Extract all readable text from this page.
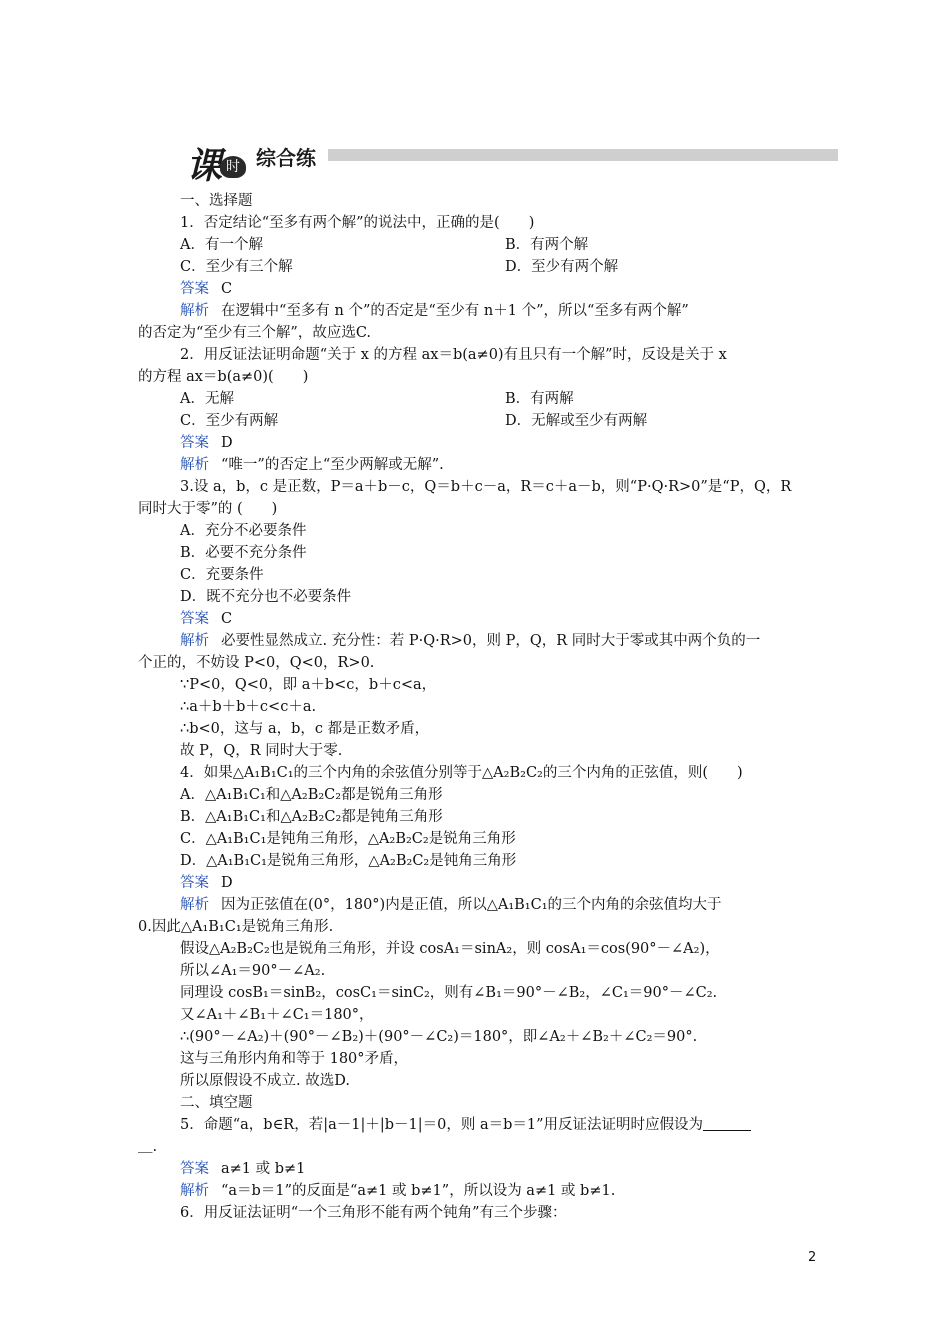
课 时 综合练
一、选择题
1．否定结论“至多有两个解”的说法中，正确的是(　　)
A．有一个解	B．有两个解
C．至少有三个解	D．至少有两个解
答案 C
解析 在逻辑中“至多有 n 个”的否定是“至少有 n＋1 个”，所以“至多有两个解”
的否定为“至少有三个解”，故应选C.
2．用反证法证明命题“关于 x 的方程 ax＝b(a≠0)有且只有一个解”时，反设是关于 x
的方程 ax＝b(a≠0)(　　)
A．无解	B．有两解
C．至少有两解	D．无解或至少有两解
答案 D
解析 “唯一”的否定上“至少两解或无解”.
3.设 a，b，c 是正数，P＝a＋b－c，Q＝b＋c－a，R＝c＋a－b，则“P·Q·R>0”是“P，Q，R
同时大于零”的 (　　)
A．充分不必要条件
B．必要不充分条件
C．充要条件
D．既不充分也不必要条件
答案 C
解析 必要性显然成立. 充分性：若 P·Q·R>0，则 P，Q，R 同时大于零或其中两个负的一
个正的，不妨设 P<0，Q<0，R>0.
∵P<0，Q<0，即 a＋b<c，b＋c<a，
∴a＋b＋b＋c<c＋a.
∴b<0，这与 a，b，c 都是正数矛盾，
故 P，Q，R 同时大于零.
4．如果△A₁B₁C₁的三个内角的余弦值分别等于△A₂B₂C₂的三个内角的正弦值，则(　　)
A．△A₁B₁C₁和△A₂B₂C₂都是锐角三角形
B．△A₁B₁C₁和△A₂B₂C₂都是钝角三角形
C．△A₁B₁C₁是钝角三角形，△A₂B₂C₂是锐角三角形
D．△A₁B₁C₁是锐角三角形，△A₂B₂C₂是钝角三角形
答案 D
解析 因为正弦值在(0°，180°)内是正值，所以△A₁B₁C₁的三个内角的余弦值均大于
0.因此△A₁B₁C₁是锐角三角形.
假设△A₂B₂C₂也是锐角三角形，并设 cosA₁＝sinA₂，则 cosA₁＝cos(90°－∠A₂)，
所以∠A₁＝90°－∠A₂.
同理设 cosB₁＝sinB₂，cosC₁＝sinC₂，则有∠B₁＝90°－∠B₂，∠C₁＝90°－∠C₂.
又∠A₁＋∠B₁＋∠C₁＝180°，
∴(90°－∠A₂)＋(90°－∠B₂)＋(90°－∠C₂)＝180°，即∠A₂＋∠B₂＋∠C₂＝90°.
这与三角形内角和等于 180°矛盾，
所以原假设不成立. 故选D.
二、填空题
5．命题“a，b∈R，若|a－1|＋|b－1|＝0，则 a＝b＝1”用反证法证明时应假设为
＿.
答案 a≠1 或 b≠1
解析 “a＝b＝1”的反面是“a≠1 或 b≠1”，所以设为 a≠1 或 b≠1.
6．用反证法证明“一个三角形不能有两个钝角”有三个步骤：
2
